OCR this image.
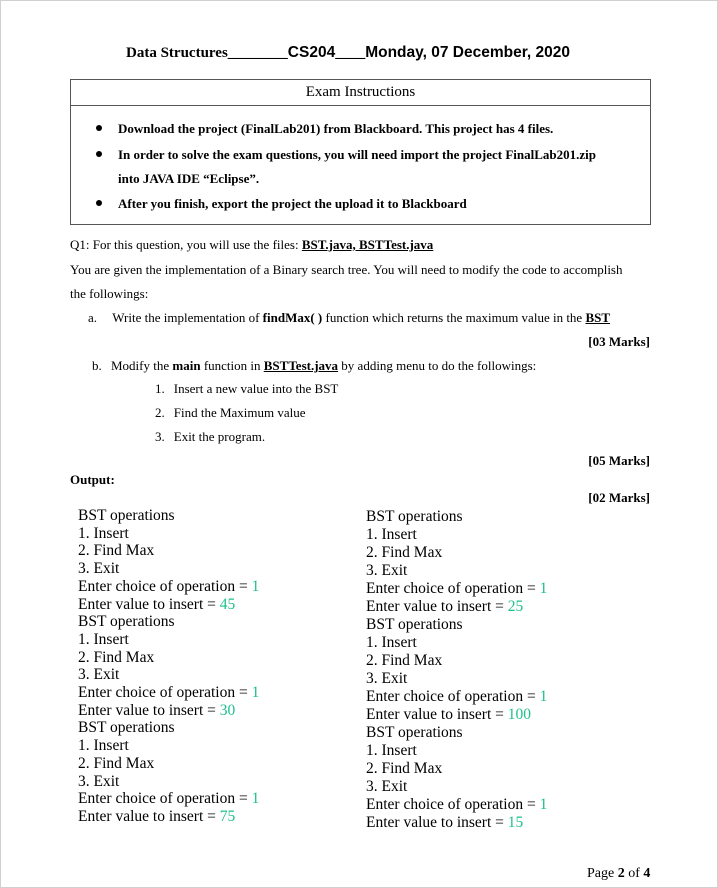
Data Structures________CS204____Monday, 07 December, 2020
Exam Instructions
Download the project (FinalLab201) from Blackboard. This project has 4 files.
In order to solve the exam questions, you will need import the project FinalLab201.zip
into JAVA IDE “Eclipse”.
After you finish, export the project the upload it to Blackboard
Q1: For this question, you will use the files: BST.java, BSTTest.java
You are given the implementation of a Binary search tree. You will need to modify the code to accomplish
the followings:
a. Write the implementation of findMax( ) function which returns the maximum value in the BST
[03 Marks]
b. Modify the main function in BSTTest.java by adding menu to do the followings:
1. Insert a new value into the BST
2. Find the Maximum value
3. Exit the program.
[05 Marks]
Output:
[02 Marks]
BST operations
1. Insert
2. Find Max
3. Exit
Enter choice of operation = 1
Enter value to insert = 45
BST operations
1. Insert
2. Find Max
3. Exit
Enter choice of operation = 1
Enter value to insert = 30
BST operations
1. Insert
2. Find Max
3. Exit
Enter choice of operation = 1
Enter value to insert = 75
BST operations
1. Insert
2. Find Max
3. Exit
Enter choice of operation = 1
Enter value to insert = 25
BST operations
1. Insert
2. Find Max
3. Exit
Enter choice of operation = 1
Enter value to insert = 100
BST operations
1. Insert
2. Find Max
3. Exit
Enter choice of operation = 1
Enter value to insert = 15
Page 2 of 4
